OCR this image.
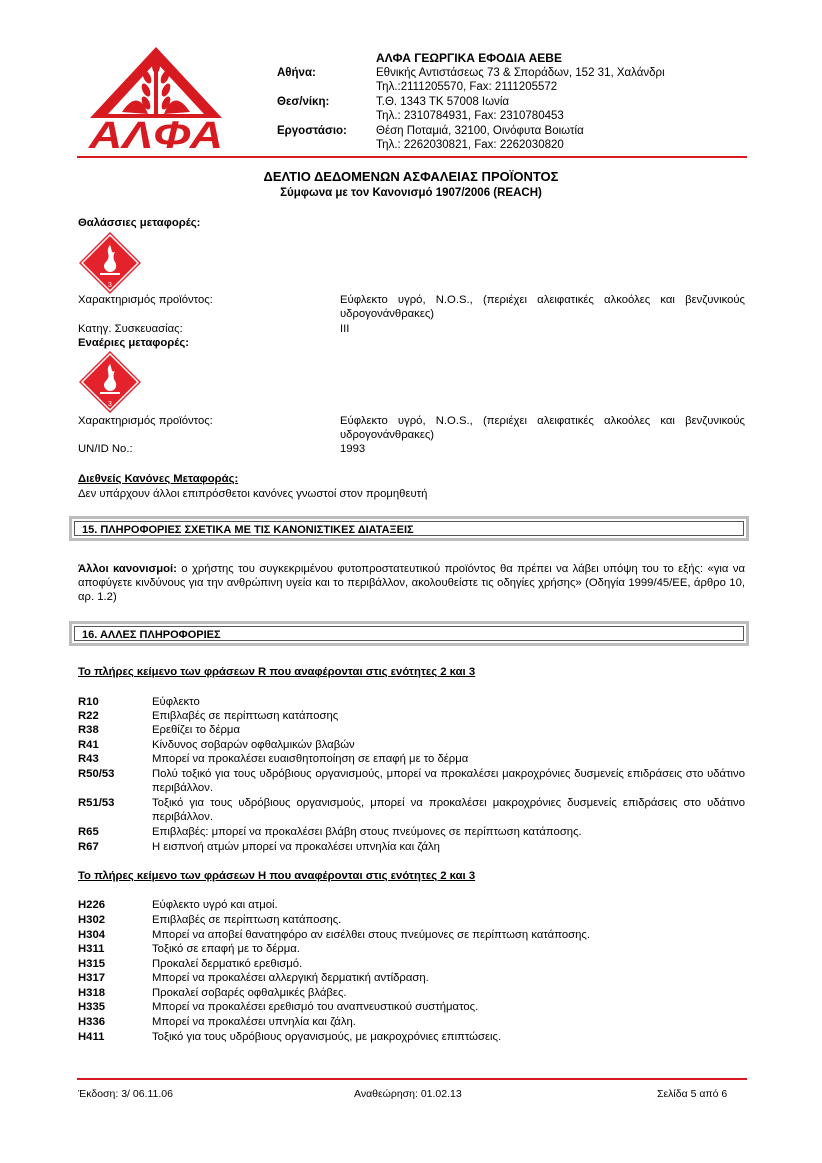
ΑΛΦΑ
ΑΛΦΑ ΓΕΩΡΓΙΚΑ ΕΦΟΔΙΑ ΑΕΒΕ
Αθήνα:	Εθνικής Αντιστάσεως 73 & Σποράδων, 152 31, Χαλάνδρι
Τηλ.:2111205570, Fax: 2111205572
Θεσ/νίκη:	Τ.Θ. 1343 ΤΚ 57008 Ιωνία
Τηλ.: 2310784931, Fax: 2310780453
Εργοστάσιο:	Θέση Ποταμιά, 32100, Οινόφυτα Βοιωτία
Τηλ.: 2262030821, Fax: 2262030820
ΔΕΛΤΙΟ ΔΕΔΟΜΕΝΩΝ ΑΣΦΑΛΕΙΑΣ ΠΡΟΪΟΝΤΟΣ
Σύμφωνα με τον Κανονισμό 1907/2006 (REACH)
Θαλάσσιες μεταφορές:
3
Χαρακτηρισμός προϊόντος:	Εύφλεκτο υγρό, N.O.S., (περιέχει αλειφατικές αλκοόλες και βενζυνικούς υδρογονάνθρακες)
Κατηγ. Συσκευασίας:	III
Εναέριες μεταφορές:
3
Χαρακτηρισμός προϊόντος:	Εύφλεκτο υγρό, N.O.S., (περιέχει αλειφατικές αλκοόλες και βενζυνικούς υδρογονάνθρακες)
UN/ID No.:	1993
Διεθνείς Κανόνες Μεταφοράς:
Δεν υπάρχουν άλλοι επιπρόσθετοι κανόνες γνωστοί στον προμηθευτή
15. ΠΛΗΡΟΦΟΡΙΕΣ ΣΧΕΤΙΚΑ ΜΕ ΤΙΣ ΚΑΝΟΝΙΣΤΙΚΕΣ ΔΙΑΤΑΞΕΙΣ
Άλλοι κανονισμοί: ο χρήστης του συγκεκριμένου φυτοπροστατευτικού προϊόντος θα πρέπει να λάβει υπόψη του το εξής: «για να αποφύγετε κινδύνους για την ανθρώπινη υγεία και το περιβάλλον, ακολουθείστε τις οδηγίες χρήσης» (Οδηγία 1999/45/ΕΕ, άρθρο 10, αρ. 1.2)
16. ΑΛΛΕΣ ΠΛΗΡΟΦΟΡΙΕΣ
Το πλήρες κείμενο των φράσεων R που αναφέρονται στις ενότητες 2 και 3
R10	Εύφλεκτο
R22	Επιβλαβές σε περίπτωση κατάποσης
R38	Ερεθίζει το δέρμα
R41	Κίνδυνος σοβαρών οφθαλμικών βλαβών
R43	Μπορεί να προκαλέσει ευαισθητοποίηση σε επαφή με το δέρμα
R50/53	Πολύ τοξικό για τους υδρόβιους οργανισμούς, μπορεί να προκαλέσει μακροχρόνιες δυσμενείς επιδράσεις στο υδάτινο περιβάλλον.
R51/53	Τοξικό για τους υδρόβιους οργανισμούς, μπορεί να προκαλέσει μακροχρόνιες δυσμενείς επιδράσεις στο υδάτινο περιβάλλον.
R65	Επιβλαβές: μπορεί να προκαλέσει βλάβη στους πνεύμονες σε περίπτωση κατάποσης.
R67	Η εισπνοή ατμών μπορεί να προκαλέσει υπνηλία και ζάλη
Το πλήρες κείμενο των φράσεων H που αναφέρονται στις ενότητες 2 και 3
H226	Εύφλεκτο υγρό και ατμοί.
H302	Επιβλαβές σε περίπτωση κατάποσης.
H304	Μπορεί να αποβεί θανατηφόρο αν εισέλθει στους πνεύμονες σε περίπτωση κατάποσης.
H311	Τοξικό σε επαφή με το δέρμα.
H315	Προκαλεί δερματικό ερεθισμό.
H317	Μπορεί να προκαλέσει αλλεργική δερματική αντίδραση.
H318	Προκαλεί σοβαρές οφθαλμικές βλάβες.
H335	Μπορεί να προκαλέσει ερεθισμό του αναπνευστικού συστήματος.
H336	Μπορεί να προκαλέσει υπνηλία και ζάλη.
H411	Τοξικό για τους υδρόβιους οργανισμούς, με μακροχρόνιες επιπτώσεις.
Έκδοση: 3/ 06.11.06	Αναθεώρηση: 01.02.13	Σελίδα 5 από 6
